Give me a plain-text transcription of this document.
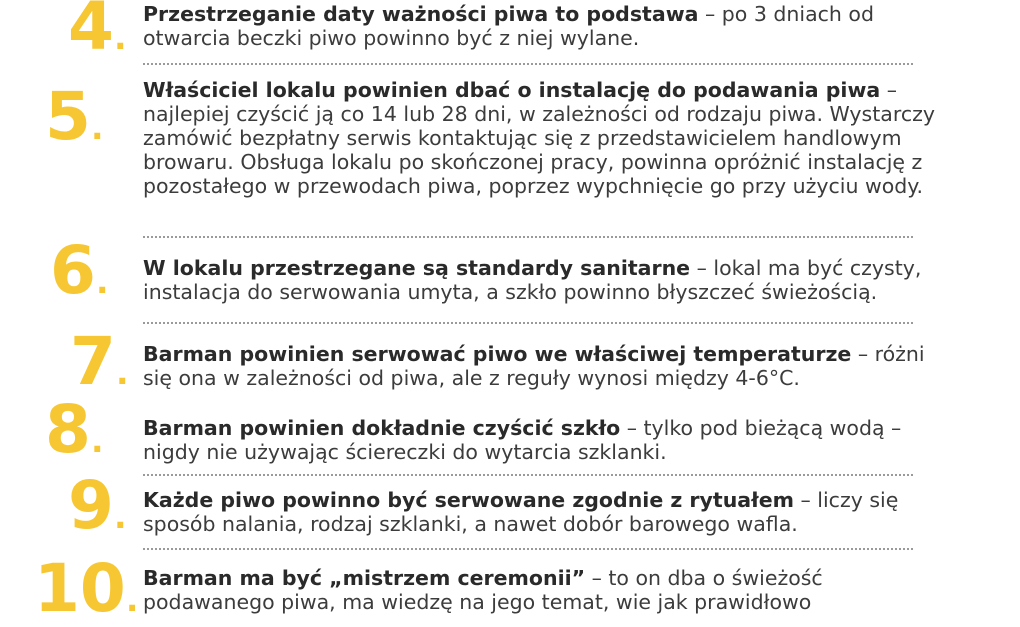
4.
Przestrzeganie daty ważności piwa to podstawa – po 3 dniach od otwarcia beczki piwo powinno być z niej wylane.
5.
Właściciel lokalu powinien dbać o instalację do podawania piwa – najlepiej czyścić ją co 14 lub 28 dni, w zależności od rodzaju piwa. Wystarczy zamówić bezpłatny serwis kontaktując się z przedstawicielem handlowym browaru. Obsługa lokalu po skończonej pracy, powinna opróżnić instalację z pozostałego w przewodach piwa, poprzez wypchnięcie go przy użyciu wody.
6. W lokalu przestrzegane są standardy sanitarne – lokal ma być czysty, instalacja do serwowania umyta, a szkło powinno błyszczeć świeżością.
7. Barman powinien serwować piwo we właściwej temperaturze – różni się ona w zależności od piwa, ale z reguły wynosi między 4-6°C.
8. Barman powinien dokładnie czyścić szkło – tylko pod bieżącą wodą – nigdy nie używając ściereczki do wytarcia szklanki.
9. Każde piwo powinno być serwowane zgodnie z rytuałem – liczy się sposób nalania, rodzaj szklanki, a nawet dobór barowego wafla.
10.
Barman ma być „mistrzem ceremonii” – to on dba o świeżość podawanego piwa, ma wiedzę na jego temat, wie jak prawidłowo
